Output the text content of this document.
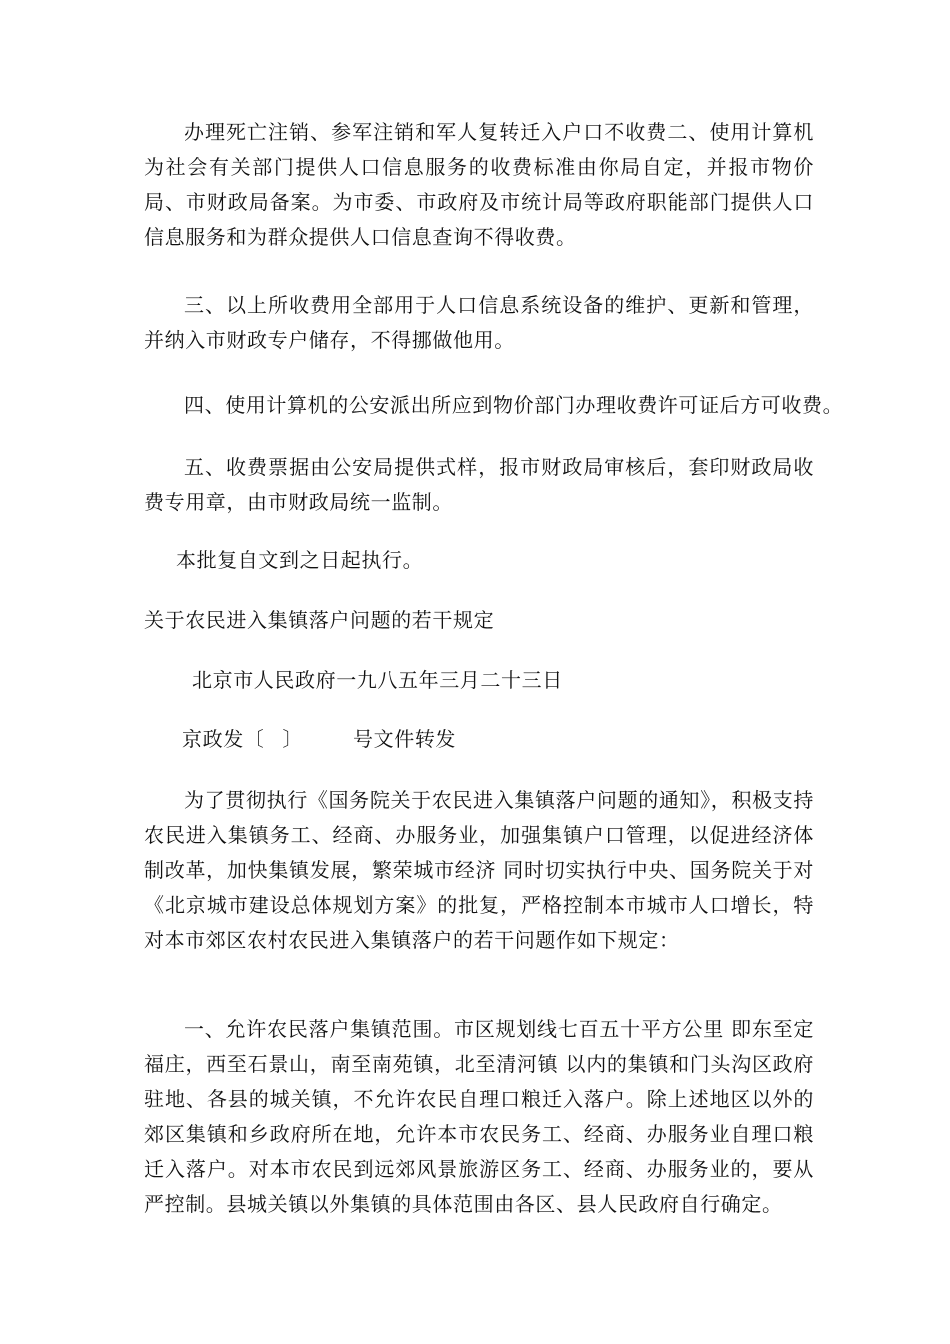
办理死亡注销、参军注销和军人复转迁入户口不收费二、使用计算机为社会有关部门提供人口信息服务的收费标准由你局自定，并报市物价局、市财政局备案。为市委、市政府及市统计局等政府职能部门提供人口信息服务和为群众提供人口信息查询不得收费。

三、以上所收费用全部用于人口信息系统设备的维护、更新和管理，并纳入市财政专户储存，不得挪做他用。

四、使用计算机的公安派出所应到物价部门办理收费许可证后方可收费。

五、收费票据由公安局提供式样，报市财政局审核后，套印财政局收费专用章，由市财政局统一监制。

本批复自文到之日起执行。

关于农民进入集镇落户问题的若干规定

北京市人民政府一九八五年三月二十三日

京政发〔 〕	号文件转发

为了贯彻执行《国务院关于农民进入集镇落户问题的通知》，积极支持农民进入集镇务工、经商、办服务业，加强集镇户口管理，以促进经济体制改革，加快集镇发展，繁荣城市经济 同时切实执行中央、国务院关于对《北京城市建设总体规划方案》的批复，严格控制本市城市人口增长，特对本市郊区农村农民进入集镇落户的若干问题作如下规定：

一、允许农民落户集镇范围。市区规划线七百五十平方公里 即东至定福庄，西至石景山，南至南苑镇，北至清河镇 以内的集镇和门头沟区政府驻地、各县的城关镇，不允许农民自理口粮迁入落户。除上述地区以外的郊区集镇和乡政府所在地，允许本市农民务工、经商、办服务业自理口粮迁入落户。对本市农民到远郊风景旅游区务工、经商、办服务业的，要从严控制。县城关镇以外集镇的具体范围由各区、县人民政府自行确定。
